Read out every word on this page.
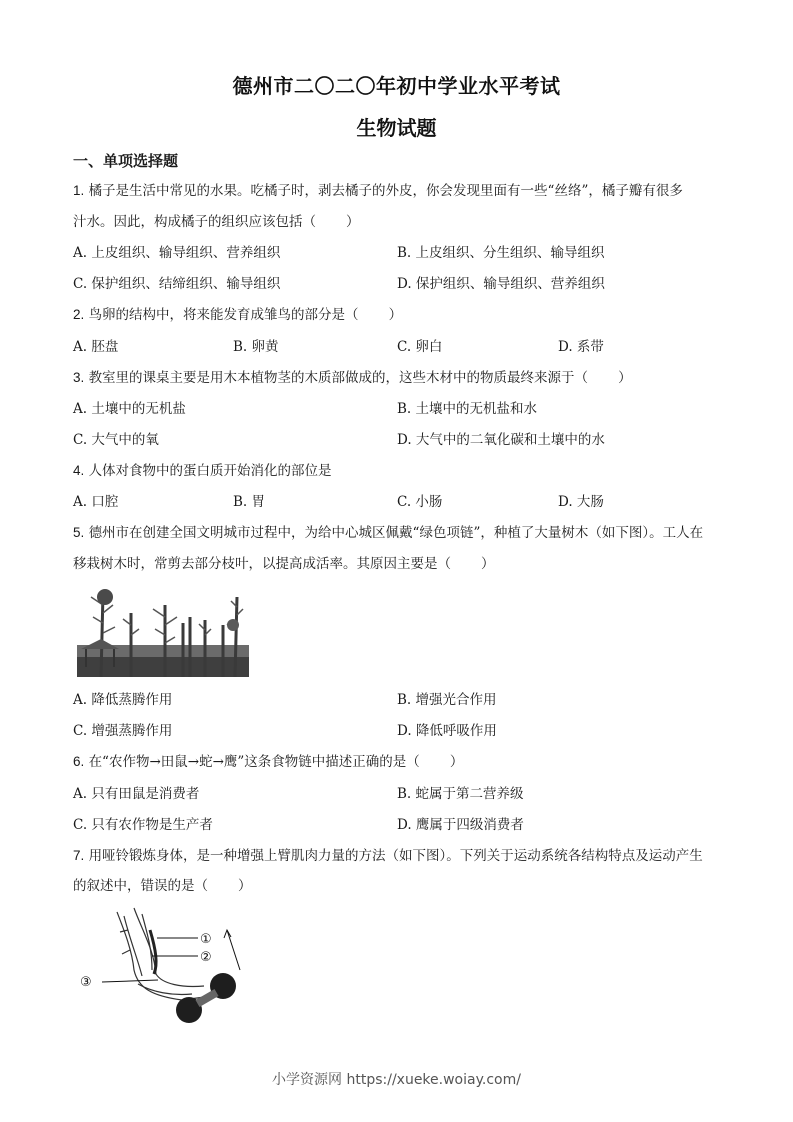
德州市二〇二〇年初中学业水平考试
生物试题
一、单项选择题
1. 橘子是生活中常见的水果。吃橘子时，剥去橘子的外皮，你会发现里面有一些“丝络”，橘子瓣有很多
汁水。因此，构成橘子的组织应该包括（ ）
A. 上皮组织、输导组织、营养组织	B. 上皮组织、分生组织、输导组织
C. 保护组织、结缔组织、输导组织	D. 保护组织、输导组织、营养组织
2. 鸟卵的结构中，将来能发育成雏鸟的部分是（ ）
A. 胚盘	B. 卵黄	C. 卵白	D. 系带
3. 教室里的课桌主要是用木本植物茎的木质部做成的，这些木材中的物质最终来源于（ ）
A. 土壤中的无机盐	B. 土壤中的无机盐和水
C. 大气中的氧	D. 大气中的二氧化碳和土壤中的水
4. 人体对食物中的蛋白质开始消化的部位是
A. 口腔	B. 胃	C. 小肠	D. 大肠
5. 德州市在创建全国文明城市过程中，为给中心城区佩戴“绿色项链”，种植了大量树木（如下图）。工人在
移栽树木时，常剪去部分枝叶，以提高成活率。其原因主要是（ ）
A. 降低蒸腾作用	B. 增强光合作用
C. 增强蒸腾作用	D. 降低呼吸作用
6. 在“农作物→田鼠→蛇→鹰”这条食物链中描述正确的是（ ）
A. 只有田鼠是消费者	B. 蛇属于第二营养级
C. 只有农作物是生产者	D. 鹰属于四级消费者
7. 用哑铃锻炼身体，是一种增强上臂肌肉力量的方法（如下图）。下列关于运动系统各结构特点及运动产生
的叙述中，错误的是（ ）
①
②
③
小学资源网 https://xueke.woiay.com/
